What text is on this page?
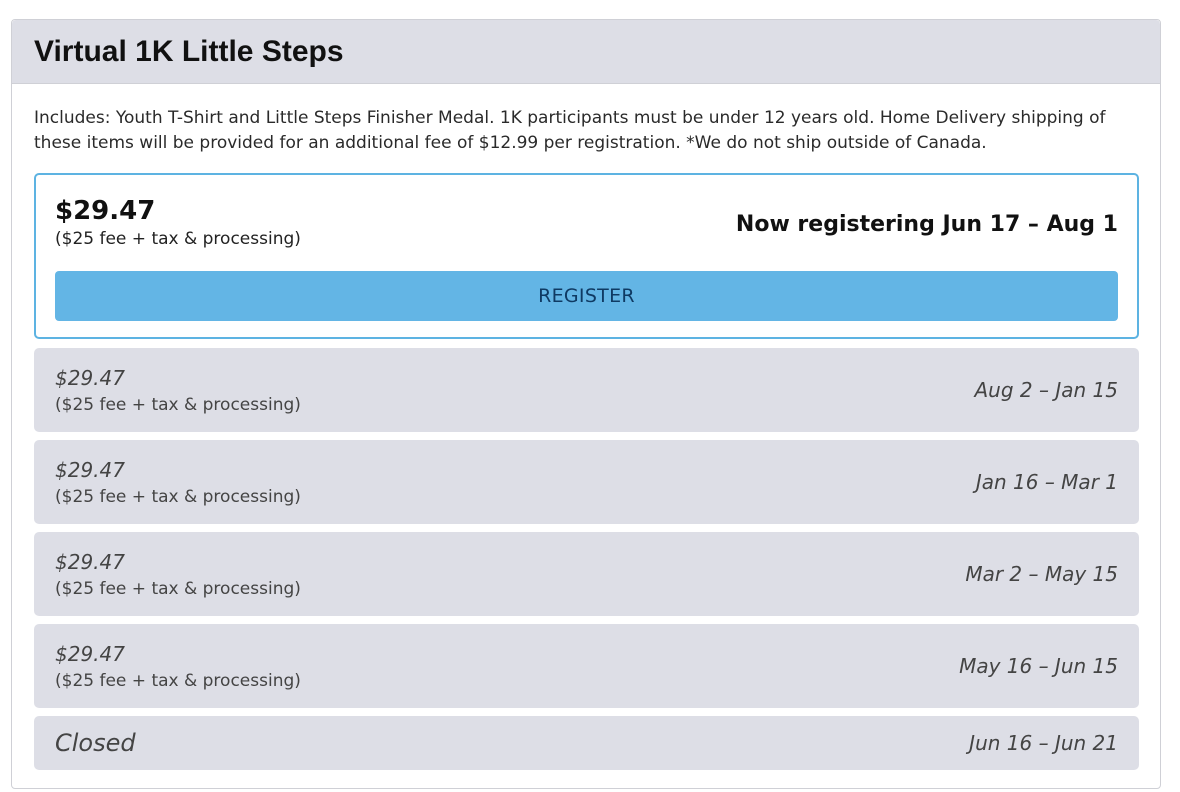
Virtual 1K Little Steps

Includes: Youth T-Shirt and Little Steps Finisher Medal. 1K participants must be under 12 years old. Home Delivery shipping of these items will be provided for an additional fee of $12.99 per registration. *We do not ship outside of Canada.

$29.47
($25 fee + tax & processing)
Now registering Jun 17 – Aug 1
REGISTER
$29.47
($25 fee + tax & processing)
Aug 2 – Jan 15
$29.47
($25 fee + tax & processing)
Jan 16 – Mar 1
$29.47
($25 fee + tax & processing)
Mar 2 – May 15
$29.47
($25 fee + tax & processing)
May 16 – Jun 15
Closed	Jun 16 – Jun 21
